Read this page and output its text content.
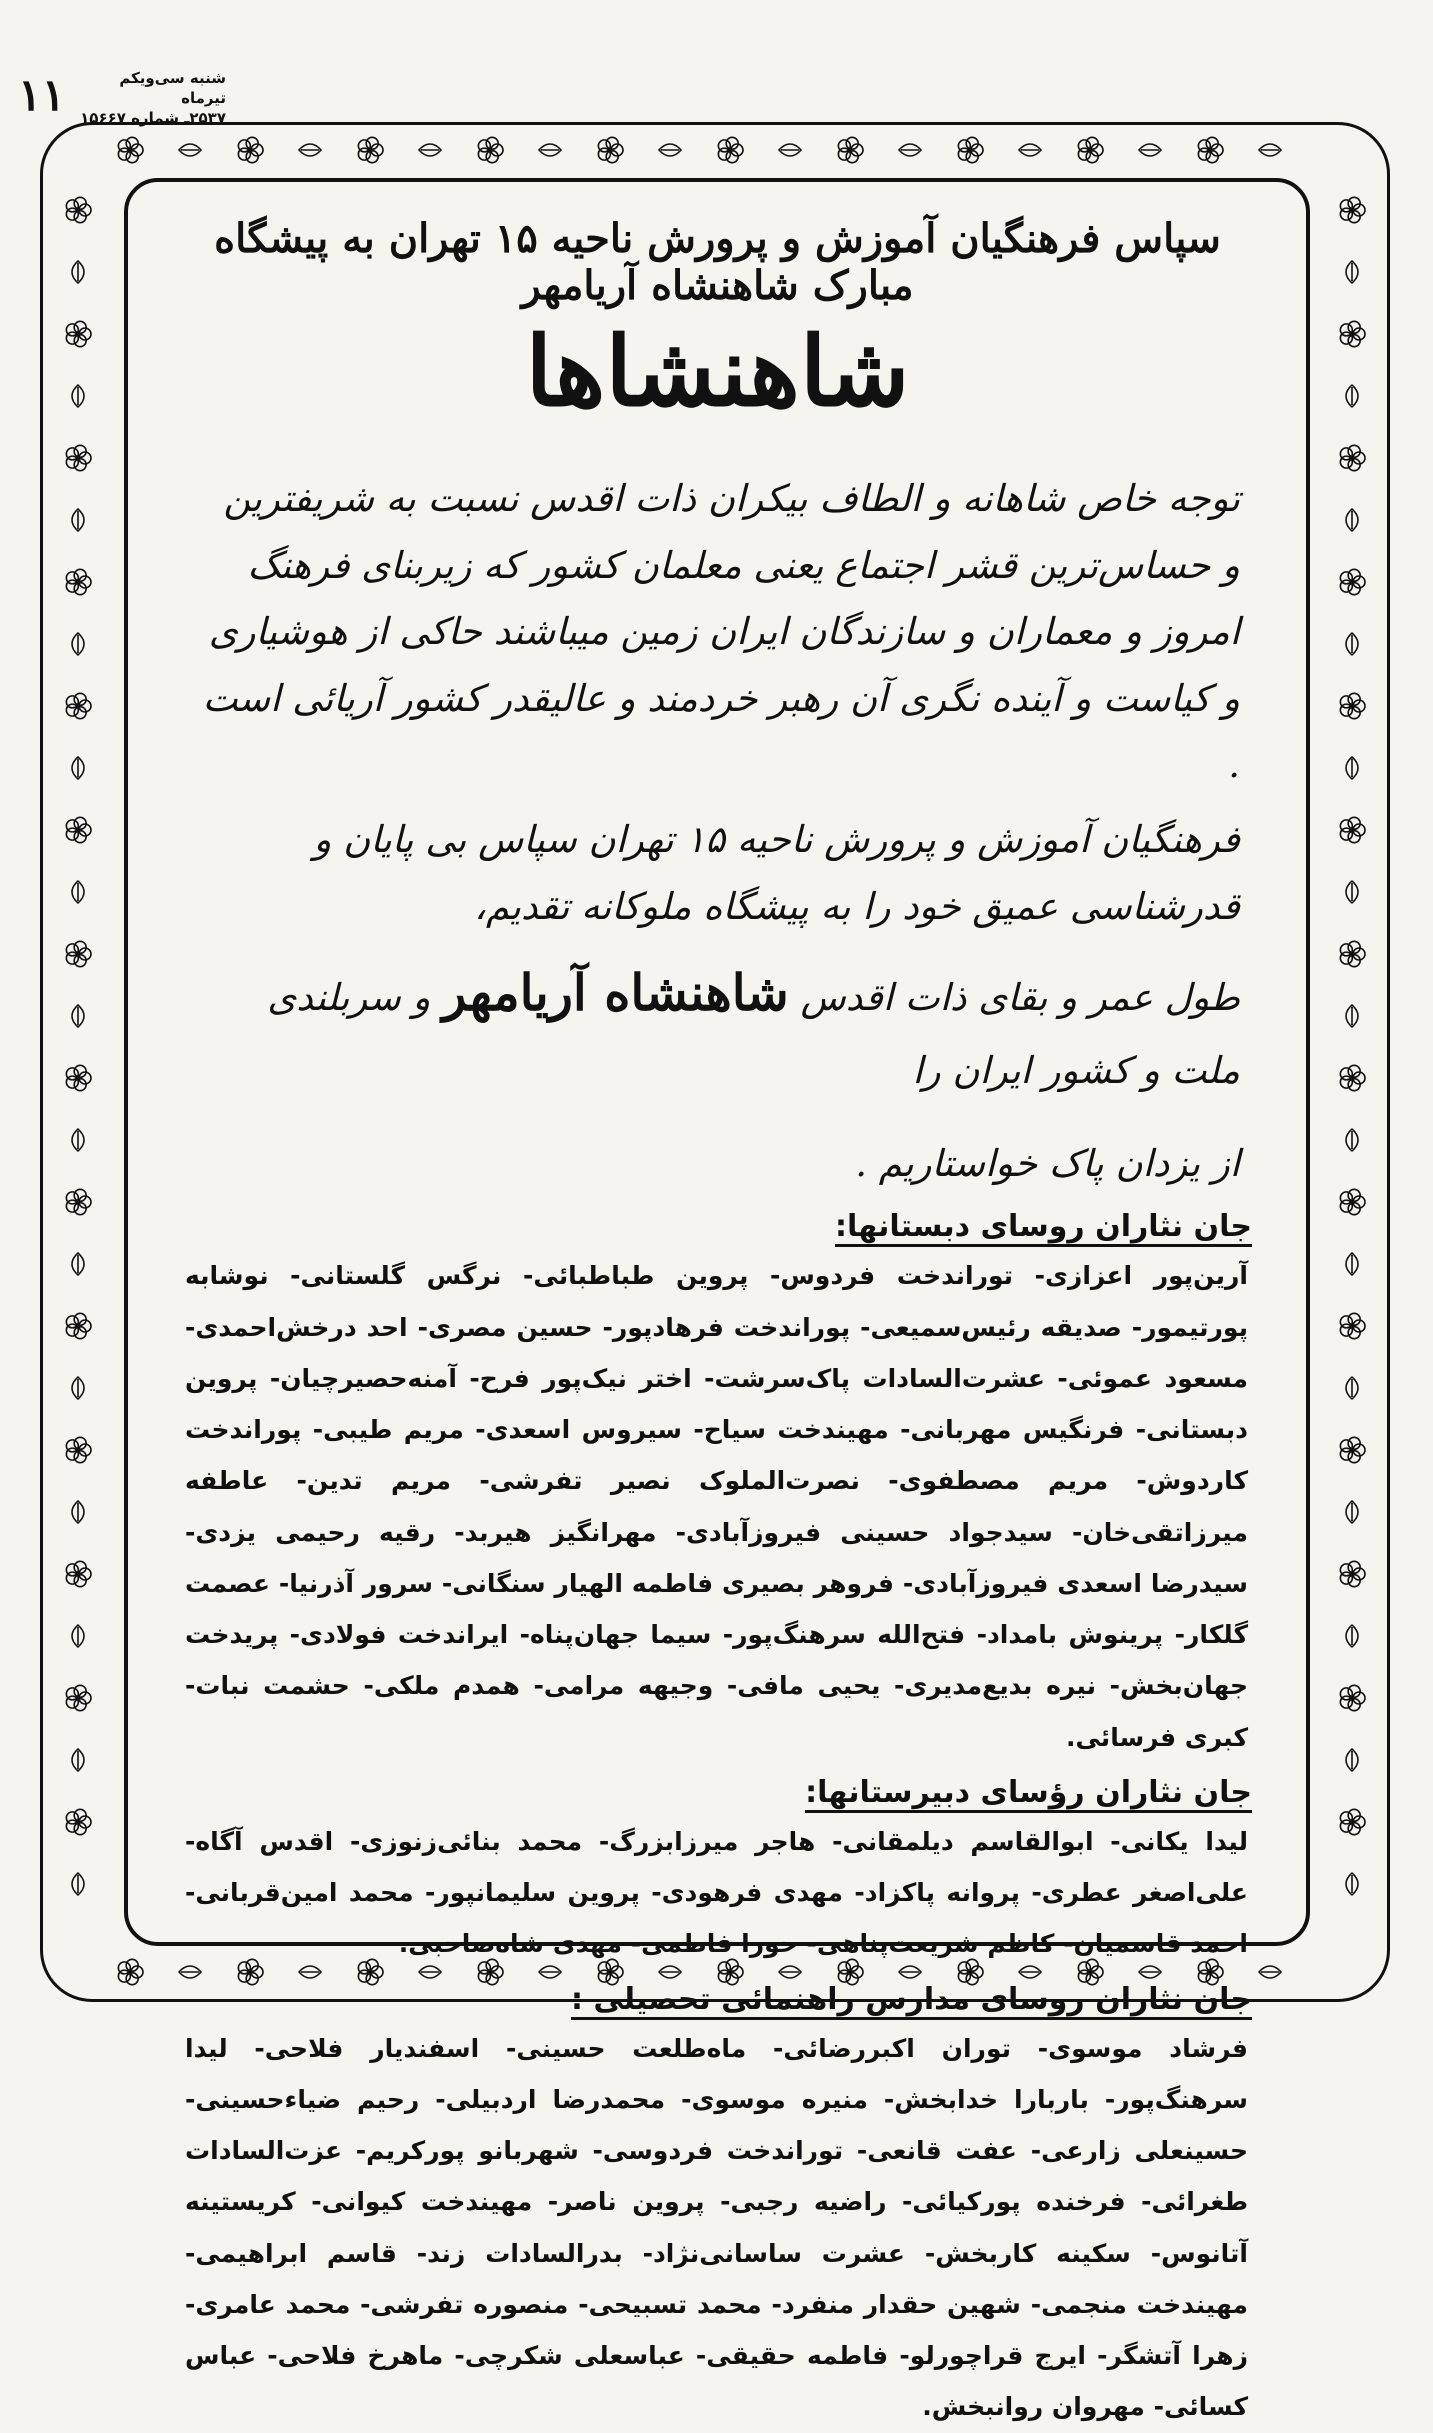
۱۱	شنبه سی‌ویکم تیرماه
۲۵۳۷ـ شماره ۱۵۶۶۷
سپاس فرهنگیان آموزش و پرورش ناحیه ۱۵ تهران به پیشگاه مبارک شاهنشاه آریامهر
شاهنشاها

توجه خاص شاهانه و الطاف بیکران ذات اقدس نسبت به شریفترین و حساس‌ترین قشر اجتماع یعنی معلمان کشور که زیربنای فرهنگ امروز و معماران و سازندگان ایران زمین میباشند حاکی از هوشیاری و کیاست و آینده نگری آن رهبر خردمند و عالیقدر کشور آریائی است .

فرهنگیان آموزش و پرورش ناحیه ۱۵ تهران سپاس بی پایان و قدرشناسی عمیق خود را به پیشگاه ملوکانه تقدیم،

طول عمر و بقای ذات اقدس شاهنشاه آریامهر و سربلندی ملت و کشور ایران را

از یزدان پاک خواستاریم .

جان نثاران روسای دبستانها:
آرین‌پور اعزازی- توراندخت فردوس- پروین طباطبائی- نرگس گلستانی- نوشابه پورتیمور- صدیقه رئیس‌سمیعی- پوراندخت فرهادپور- حسین مصری- احد درخش‌احمدی- مسعود عموئی- عشرت‌السادات پاک‌سرشت- اختر نیک‌پور فرح- آمنه‌حصیرچیان- پروین دبستانی- فرنگیس مهربانی- مهیندخت سیاح- سیروس اسعدی- مریم طیبی- پوراندخت کاردوش- مریم مصطفوی- نصرت‌الملوک نصیر تفرشی- مریم تدین- عاطفه میرزاتقی‌خان- سیدجواد حسینی فیروزآبادی- مهرانگیز هیربد- رقیه رحیمی یزدی- سیدرضا اسعدی فیروزآبادی- فروهر بصیری فاطمه الهیار سنگانی- سرور آذرنیا- عصمت گلکار- پرینوش بامداد- فتح‌الله سرهنگ‌پور- سیما جهان‌پناه- ایراندخت فولادی- پریدخت جهان‌بخش- نیره بدیع‌مدیری- یحیی مافی- وجیهه مرامی- همدم ملکی- حشمت نبات- کبری فرسائی.
جان نثاران رؤسای دبیرستانها:
لیدا یکانی- ابوالقاسم دیلمقانی- هاجر میرزابزرگ- محمد بنائی‌زنوزی- اقدس آگاه- علی‌اصغر عطری- پروانه پاکزاد- مهدی فرهودی- پروین سلیمانپور- محمد امین‌قربانی- احمد قاسمیان- کاظم شریعت‌پناهی- حورا فاطمی- مهدی شاه‌صاحبی.
جان نثاران روسای مدارس راهنمائی تحصیلی :
فرشاد موسوی- توران اکبررضائی- ماه‌طلعت حسینی- اسفندیار فلاحی- لیدا سرهنگ‌پور- باربارا خدابخش- منیره موسوی- محمدرضا اردبیلی- رحیم ضیاءحسینی- حسینعلی زارعی- عفت قانعی- توراندخت فردوسی- شهربانو پورکریم- عزت‌السادات طغرائی- فرخنده پورکیائی- راضیه رجبی- پروین ناصر- مهیندخت کیوانی- کریستینه آتانوس- سکینه کاربخش- عشرت ساسانی‌نژاد- بدرالسادات زند- قاسم ابراهیمی- مهیندخت منجمی- شهین حقدار منفرد- محمد تسبیحی- منصوره تفرشی- محمد عامری- زهرا آتشگر- ایرج قراچورلو- فاطمه حقیقی- عباسعلی شکرچی- ماهرخ فلاحی- عباس کسائی- مهروان روانبخش.
